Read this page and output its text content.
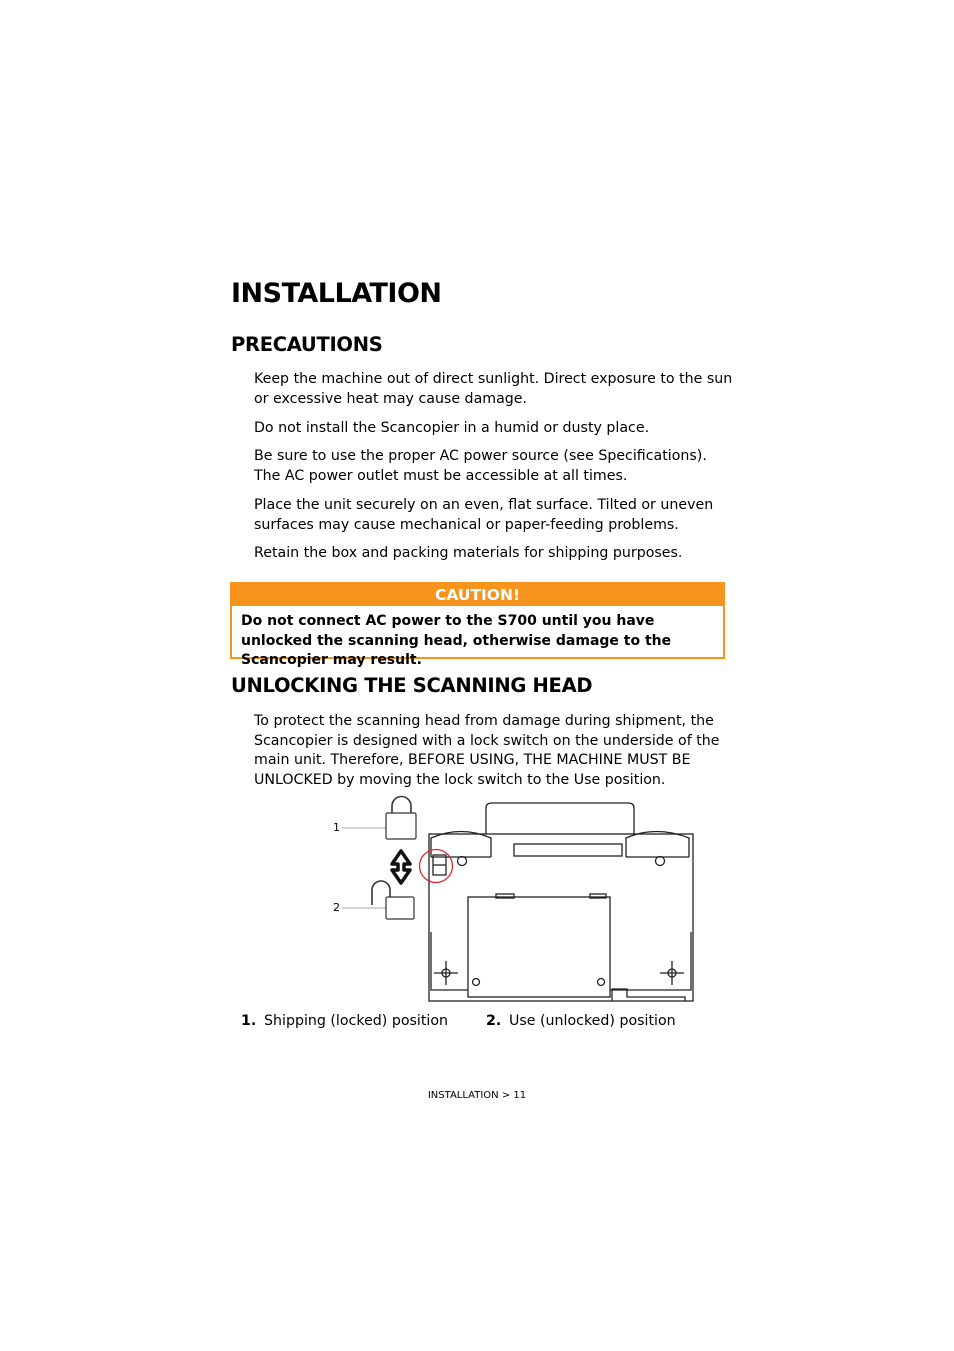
INSTALLATION
PRECAUTIONS

Keep the machine out of direct sunlight. Direct exposure to the sun or excessive heat may cause damage.

Do not install the Scancopier in a humid or dusty place.

Be sure to use the proper AC power source (see Specifications). The AC power outlet must be accessible at all times.

Place the unit securely on an even, flat surface. Tilted or uneven surfaces may cause mechanical or paper-feeding problems.

Retain the box and packing materials for shipping purposes.

CAUTION!
Do not connect AC power to the S700 until you have unlocked the scanning head, otherwise damage to the Scancopier may result.
UNLOCKING THE SCANNING HEAD

To protect the scanning head from damage during shipment, the Scancopier is designed with a lock switch on the underside of the main unit. Therefore, BEFORE USING, THE MACHINE MUST BE UNLOCKED by moving the lock switch to the Use position.

1
2
1. Shipping (locked) position	2. Use (unlocked) position
INSTALLATION > 11
